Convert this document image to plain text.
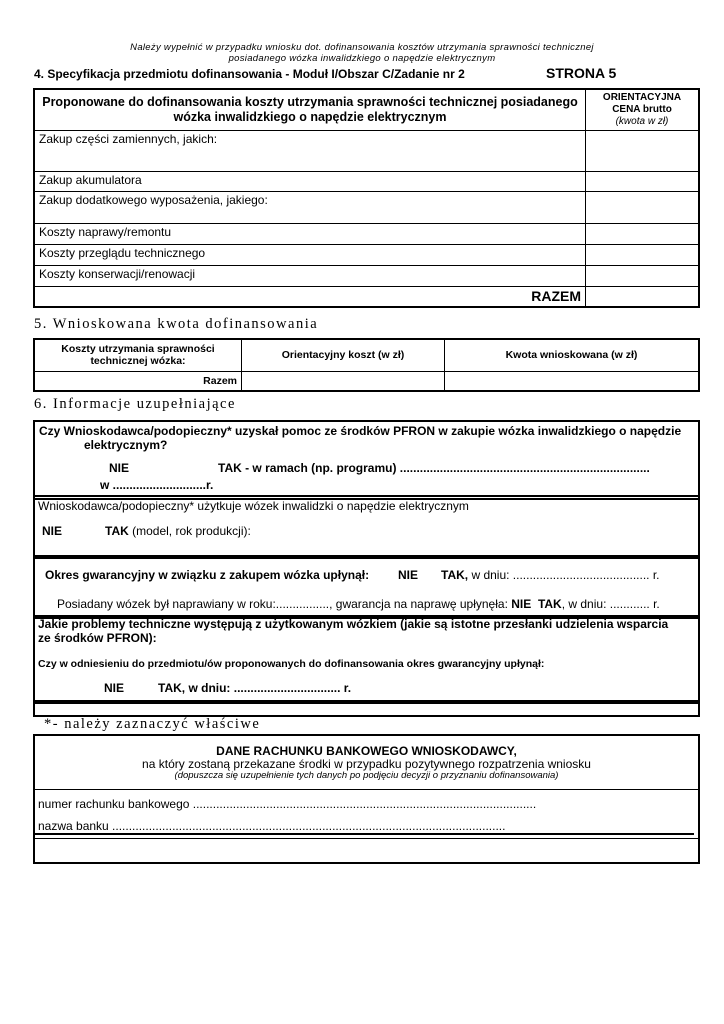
Należy wypełnić w przypadku wniosku dot. dofinansowania kosztów utrzymania sprawności technicznej
posiadanego wózka inwalidzkiego o napędzie elektrycznym
4. Specyfikacja przedmiotu dofinansowania - Moduł I/Obszar C/Zadanie nr 2	STRONA 5
Proponowane do dofinansowania koszty utrzymania sprawności technicznej posiadanego wózka inwalidzkiego o napędzie elektrycznym	ORIENTACYJNA
CENA brutto
(kwota w zł)
Zakup części zamiennych, jakich:	
Zakup akumulatora	
Zakup dodatkowego wyposażenia, jakiego:	
Koszty naprawy/remontu	
Koszty przeglądu technicznego	
Koszty konserwacji/renowacji	
RAZEM	
5. Wnioskowana kwota dofinansowania
Koszty utrzymania sprawności technicznej wózka:	Orientacyjny koszt (w zł)	Kwota wnioskowana (w zł)
Razem		
6. Informacje uzupełniające
Czy Wnioskodawca/podopieczny* uzyskał pomoc ze środków PFRON w zakupie wózka inwalidzkiego o napędzie
elektrycznym?
NIE	TAK - w ramach (np. programu) ...........................................................................
w ............................r.
Wnioskodawca/podopieczny* użytkuje wózek inwalidzki o napędzie elektrycznym
NIE	TAK (model, rok produkcji):
Okres gwarancyjny w związku z zakupem wózka upłynął: NIE TAK, w dniu: ......................................... r.
Posiadany wózek był naprawiany w roku:................, gwarancja na naprawę upłynęła: NIE TAK, w dniu: ............ r.
Jakie problemy techniczne występują z użytkowanym wózkiem (jakie są istotne przesłanki udzielenia wsparcia
ze środków PFRON):
Czy w odniesieniu do przedmiotu/ów proponowanych do dofinansowania okres gwarancyjny upłynął:
NIE	TAK, w dniu: ................................ r.
*- należy zaznaczyć właściwe
DANE RACHUNKU BANKOWEGO WNIOSKODAWCY,
na który zostaną przekazane środki w przypadku pozytywnego rozpatrzenia wniosku
(dopuszcza się uzupełnienie tych danych po podjęciu decyzji o przyznaniu dofinansowania)
numer rachunku bankowego .......................................................................................................
nazwa banku ......................................................................................................................
